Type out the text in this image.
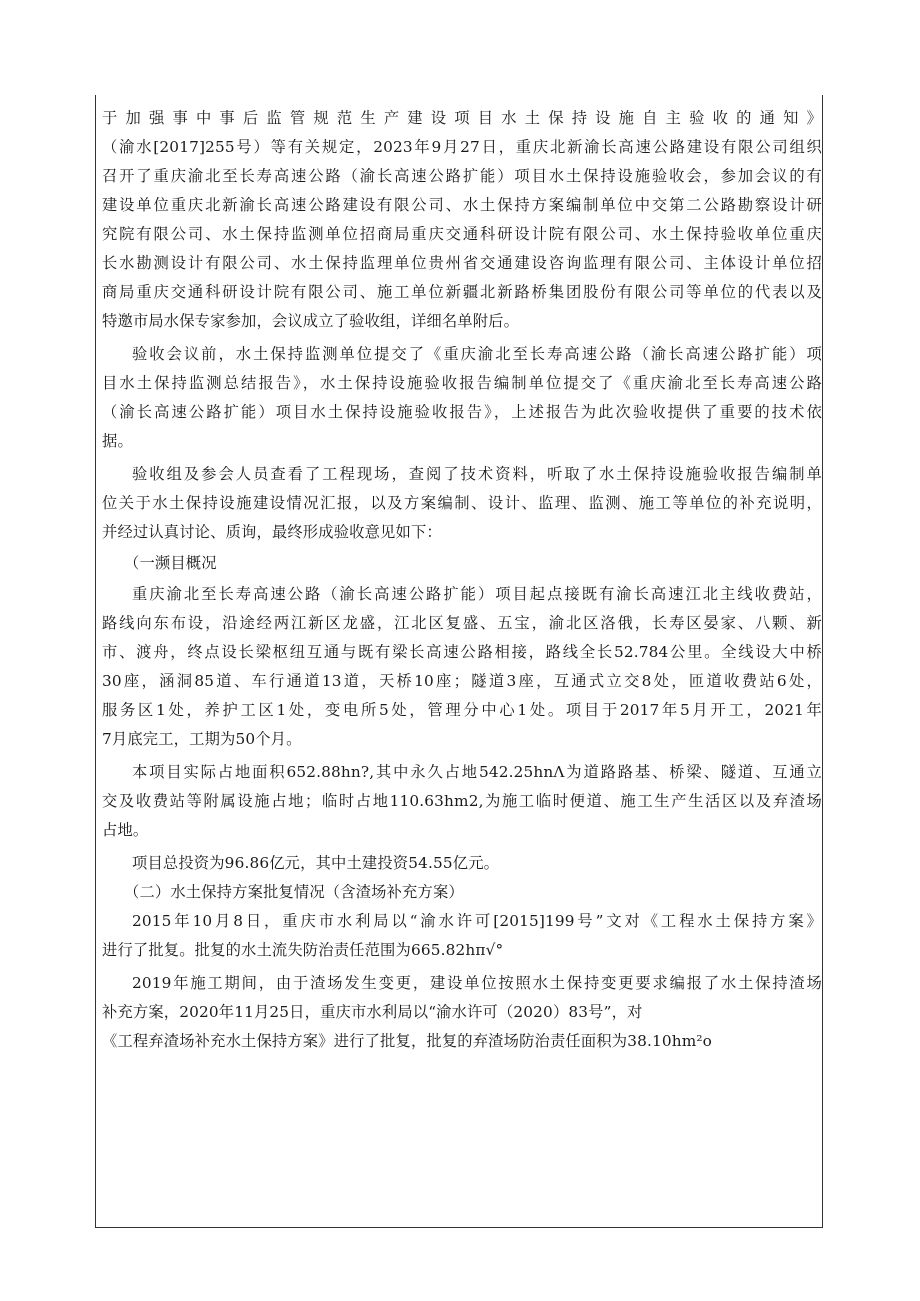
于加强事中事后监管规范生产建设项目水土保持设施自主验收的通知》
（渝水[2017]255号）等有关规定，2023年9月27日，重庆北新渝长高速公路建设有限公司组织
召开了重庆渝北至长寿高速公路（渝长高速公路扩能）项目水土保持设施验收会，参加会议的有
建设单位重庆北新渝长高速公路建设有限公司、水土保持方案编制单位中交第二公路勘察设计研
究院有限公司、水土保持监测单位招商局重庆交通科研设计院有限公司、水土保持验收单位重庆
长水勘测设计有限公司、水土保持监理单位贵州省交通建设咨询监理有限公司、主体设计单位招
商局重庆交通科研设计院有限公司、施工单位新疆北新路桥集团股份有限公司等单位的代表以及
特邀市局水保专家参加，会议成立了验收组，详细名单附后。
验收会议前，水土保持监测单位提交了《重庆渝北至长寿高速公路（渝长高速公路扩能）项
目水土保持监测总结报告》，水土保持设施验收报告编制单位提交了《重庆渝北至长寿高速公路
（渝长高速公路扩能）项目水土保持设施验收报告》，上述报告为此次验收提供了重要的技术依
据。
验收组及参会人员查看了工程现场，查阅了技术资料，听取了水土保持设施验收报告编制单
位关于水土保持设施建设情况汇报，以及方案编制、设计、监理、监测、施工等单位的补充说明，
并经过认真讨论、质询，最终形成验收意见如下：
（一濒目概况
重庆渝北至长寿高速公路（渝长高速公路扩能）项目起点接既有渝长高速江北主线收费站，
路线向东布设，沿途经两江新区龙盛，江北区复盛、五宝，渝北区洛俄，长寿区晏家、八颗、新
市、渡舟，终点设长梁枢纽互通与既有梁长高速公路相接，路线全长52.784公里。全线设大中桥
30座，涵洞85道、车行通道13道，天桥10座；隧道3座，互通式立交8处，匝道收费站6处，
服务区1处，养护工区1处，变电所5处，管理分中心1处。项目于2017年5月开工，2021年
7月底完工，工期为50个月。
本项目实际占地面积652.88hn?,其中永久占地542.25hnΛ为道路路基、桥梁、隧道、互通立
交及收费站等附属设施占地；临时占地110.63hm2,为施工临时便道、施工生产生活区以及弃渣场
占地。
项目总投资为96.86亿元，其中土建投资54.55亿元。
（二）水土保持方案批复情况（含渣场补充方案）
2015年10月8日，重庆市水利局以“渝水许可[2015]199号”文对《工程水土保持方案》
进行了批复。批复的水土流失防治责任范围为665.82hπ√°
2019年施工期间，由于渣场发生变更，建设单位按照水土保持变更要求编报了水土保持渣场
补充方案，2020年11月25日，重庆市水利局以“渝水许可（2020）83号”，对
《工程弃渣场补充水土保持方案》进行了批复，批复的弃渣场防治责任面积为38.10hm²o
